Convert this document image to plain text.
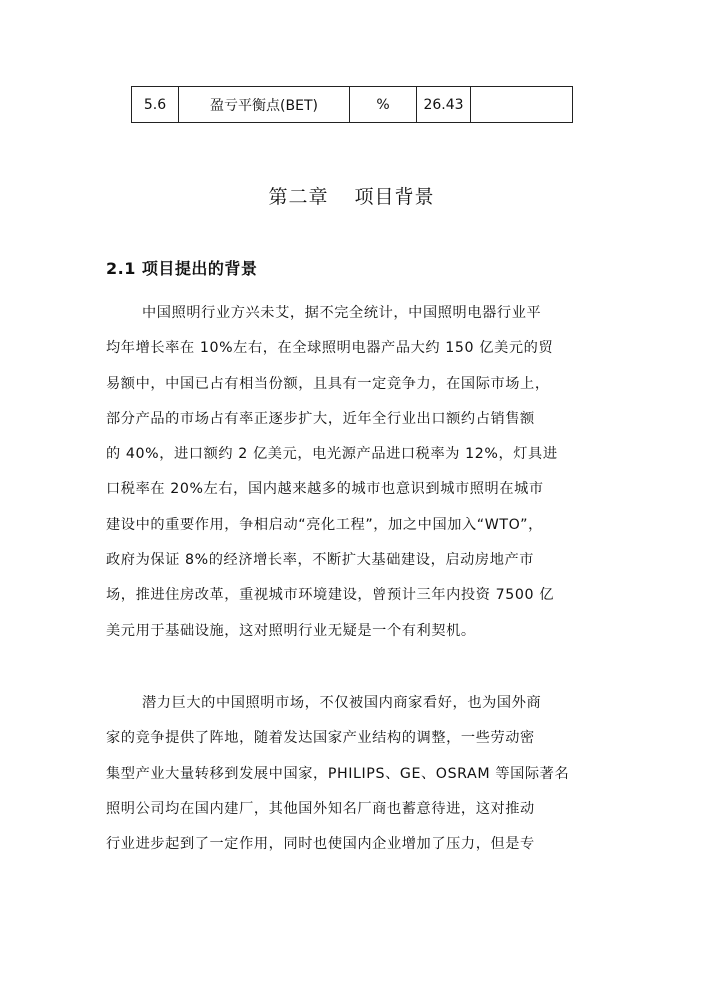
5.6	盈亏平衡点(BET)	%	26.43	
第二章 项目背景
2.1 项目提出的背景
中国照明行业方兴未艾，据不完全统计，中国照明电器行业平
均年增长率在 10%左右，在全球照明电器产品大约 150 亿美元的贸
易额中，中国已占有相当份额，且具有一定竞争力，在国际市场上，
部分产品的市场占有率正逐步扩大，近年全行业出口额约占销售额
的 40%，进口额约 2 亿美元，电光源产品进口税率为 12%，灯具进
口税率在 20%左右，国内越来越多的城市也意识到城市照明在城市
建设中的重要作用，争相启动“亮化工程”，加之中国加入“WTO”，
政府为保证 8%的经济增长率，不断扩大基础建设，启动房地产市
场，推进住房改革，重视城市环境建设，曾预计三年内投资 7500 亿
美元用于基础设施，这对照明行业无疑是一个有利契机。
潜力巨大的中国照明市场，不仅被国内商家看好，也为国外商
家的竞争提供了阵地，随着发达国家产业结构的调整，一些劳动密
集型产业大量转移到发展中国家，PHILIPS、GE、OSRAM 等国际著名
照明公司均在国内建厂，其他国外知名厂商也蓄意待进，这对推动
行业进步起到了一定作用，同时也使国内企业增加了压力，但是专
